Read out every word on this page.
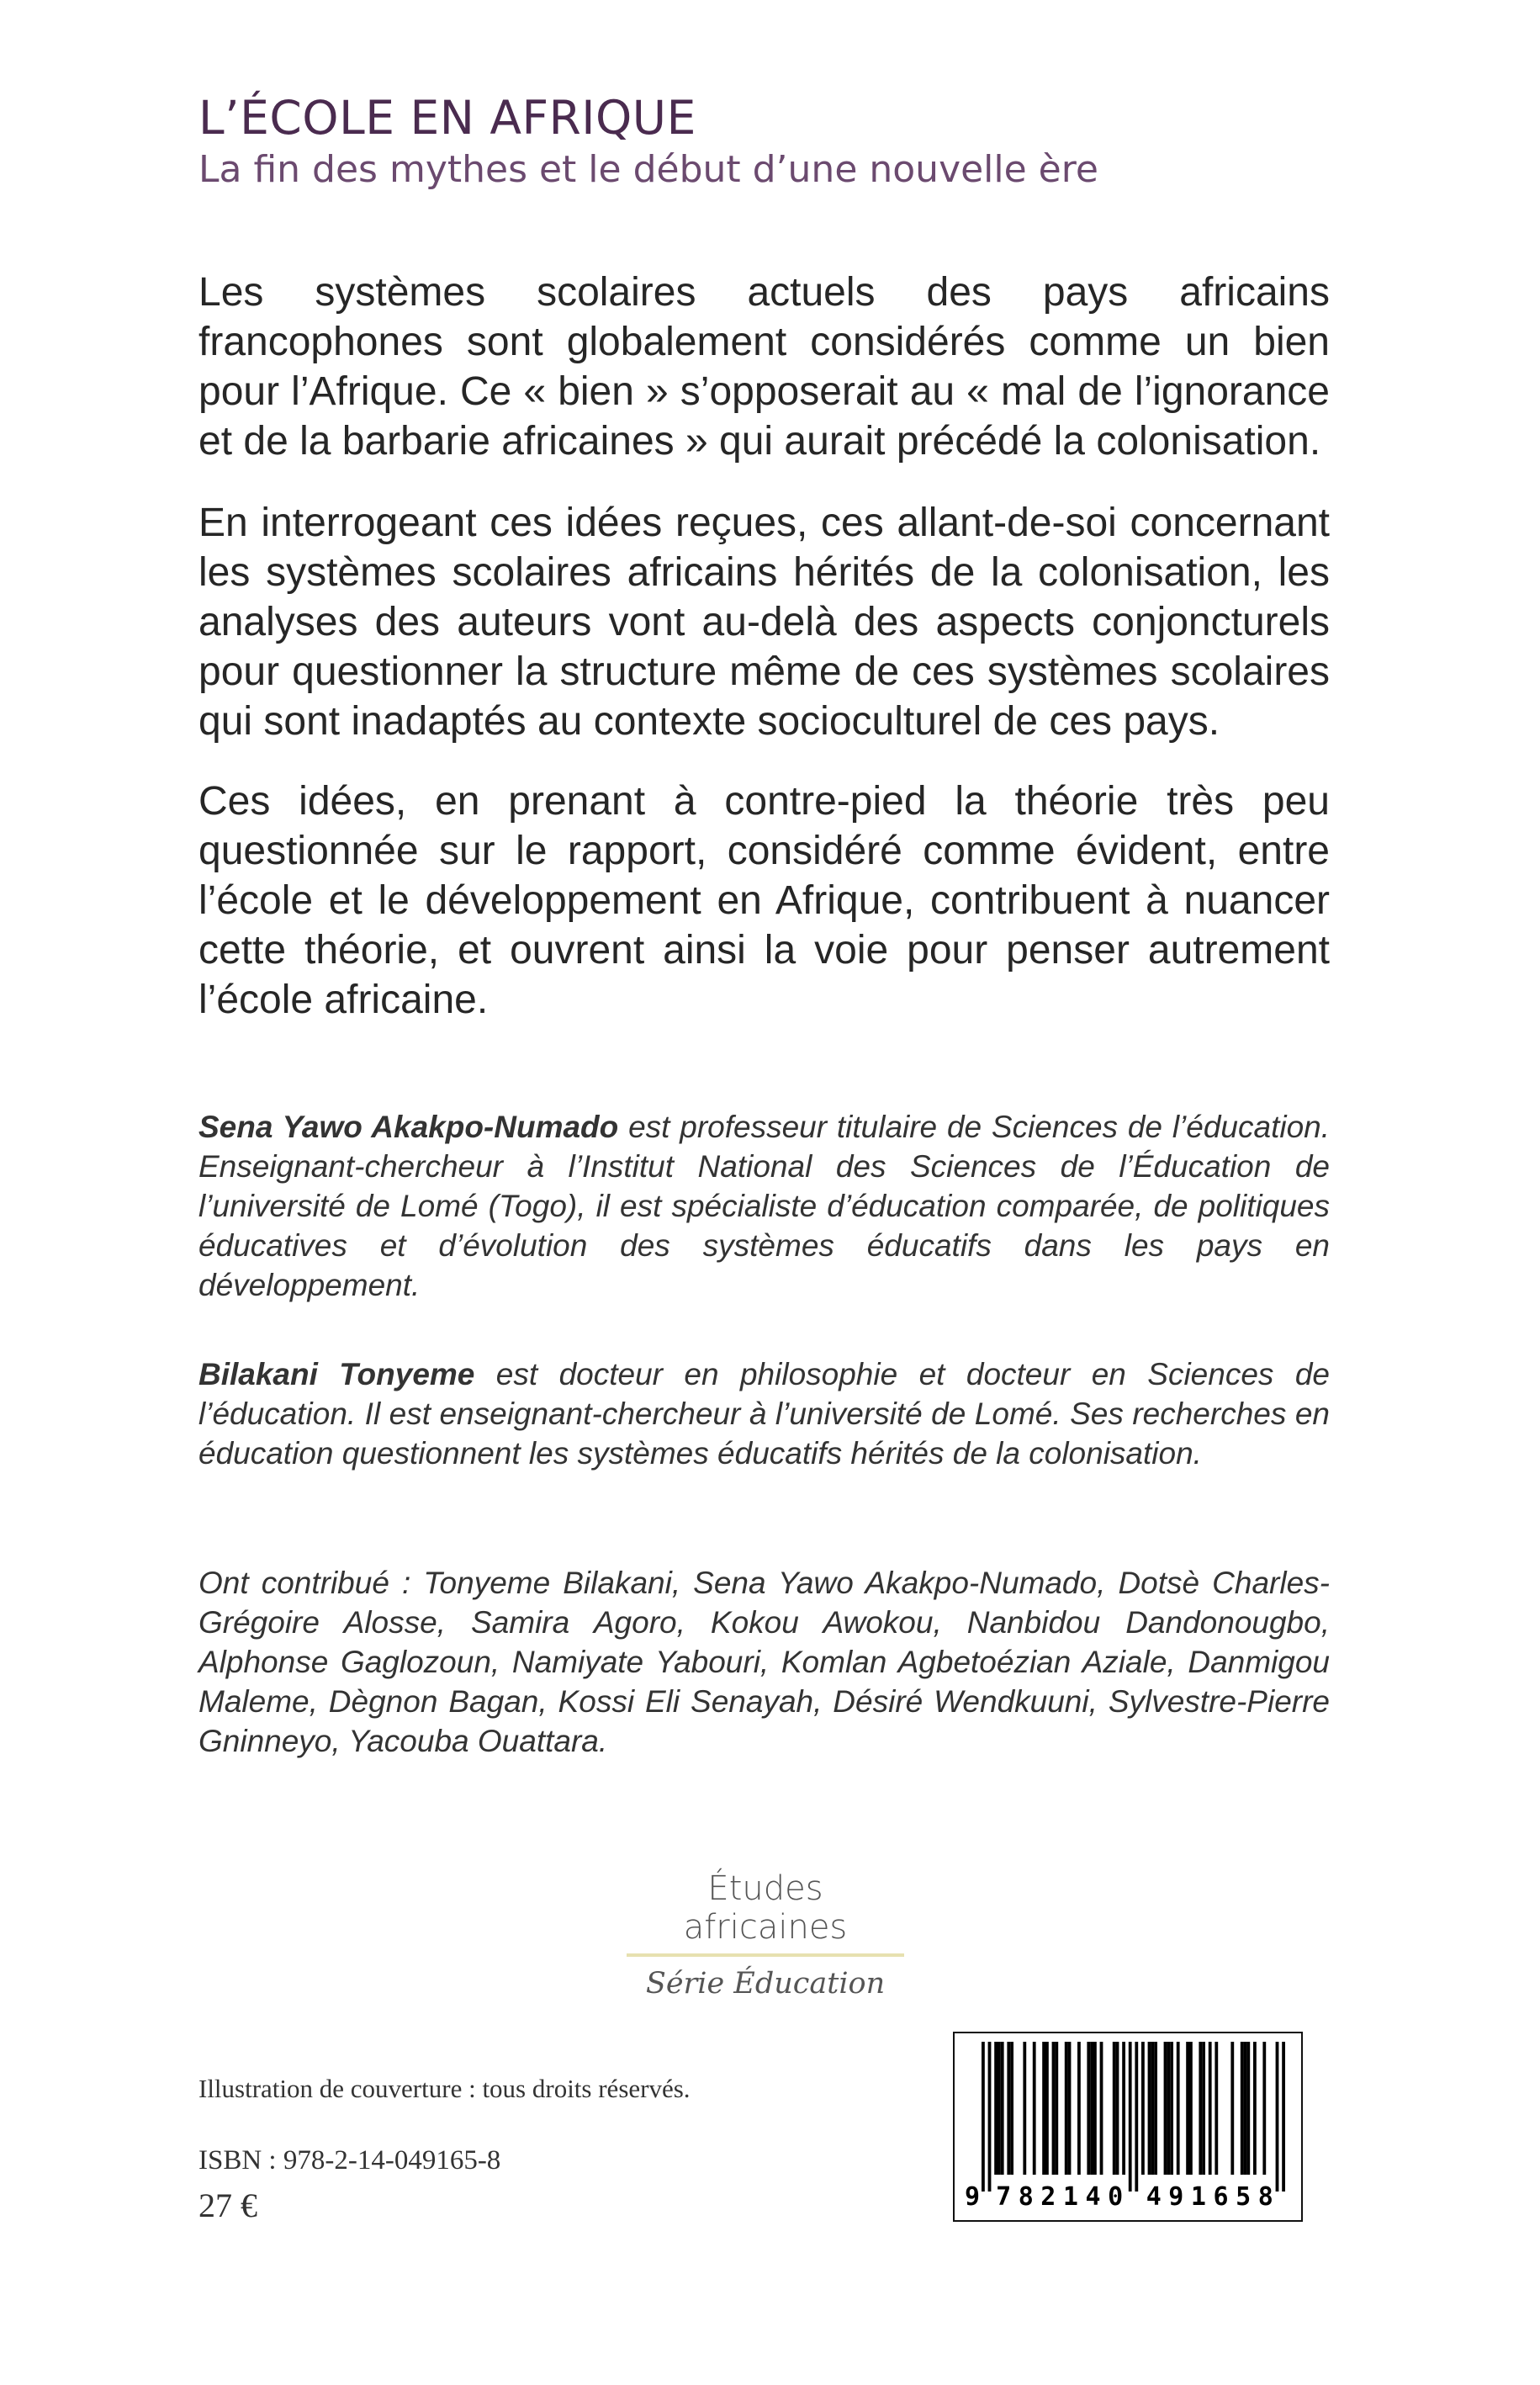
L’ÉCOLE EN AFRIQUE
La fin des mythes et le début d’une nouvelle ère

Les systèmes scolaires actuels des pays africains francophones sont globalement considérés comme un bien pour l’Afrique. Ce « bien » s’opposerait au « mal de l’ignorance et de la barbarie africaines » qui aurait précédé la colonisation.

En interrogeant ces idées reçues, ces allant-de-soi concernant les systèmes scolaires africains hérités de la colonisation, les analyses des auteurs vont au-delà des aspects conjoncturels pour questionner la structure même de ces systèmes scolaires qui sont inadaptés au contexte socioculturel de ces pays.

Ces idées, en prenant à contre-pied la théorie très peu questionnée sur le rapport, considéré comme évident, entre l’école et le développement en Afrique, contribuent à nuancer cette théorie, et ouvrent ainsi la voie pour penser autrement l’école africaine.

Sena Yawo Akakpo-Numado est professeur titulaire de Sciences de l’éducation. Enseignant-chercheur à l’Institut National des Sciences de l’Éducation de l’université de Lomé (Togo), il est spécialiste d’éducation comparée, de politiques éducatives et d’évolution des systèmes éducatifs dans les pays en développement.

Bilakani Tonyeme est docteur en philosophie et docteur en Sciences de l’éducation. Il est enseignant-chercheur à l’université de Lomé. Ses recherches en éducation questionnent les systèmes éducatifs hérités de la colonisation.

Ont contribué : Tonyeme Bilakani, Sena Yawo Akakpo-Numado, Dotsè Charles-Grégoire Alosse, Samira Agoro, Kokou Awokou, Nanbidou Dandonougbo, Alphonse Gaglozoun, Namiyate Yabouri, Komlan Agbetoézian Aziale, Danmigou Maleme, Dègnon Bagan, Kossi Eli Senayah, Désiré Wendkuuni, Sylvestre-Pierre Gninneyo, Yacouba Ouattara.

Études africaines
Série Éducation

Illustration de couverture : tous droits réservés.

ISBN : 978-2-14-049165-8

27 €	9 7 8 2 1 4 0 4 9 1 6 5 8
